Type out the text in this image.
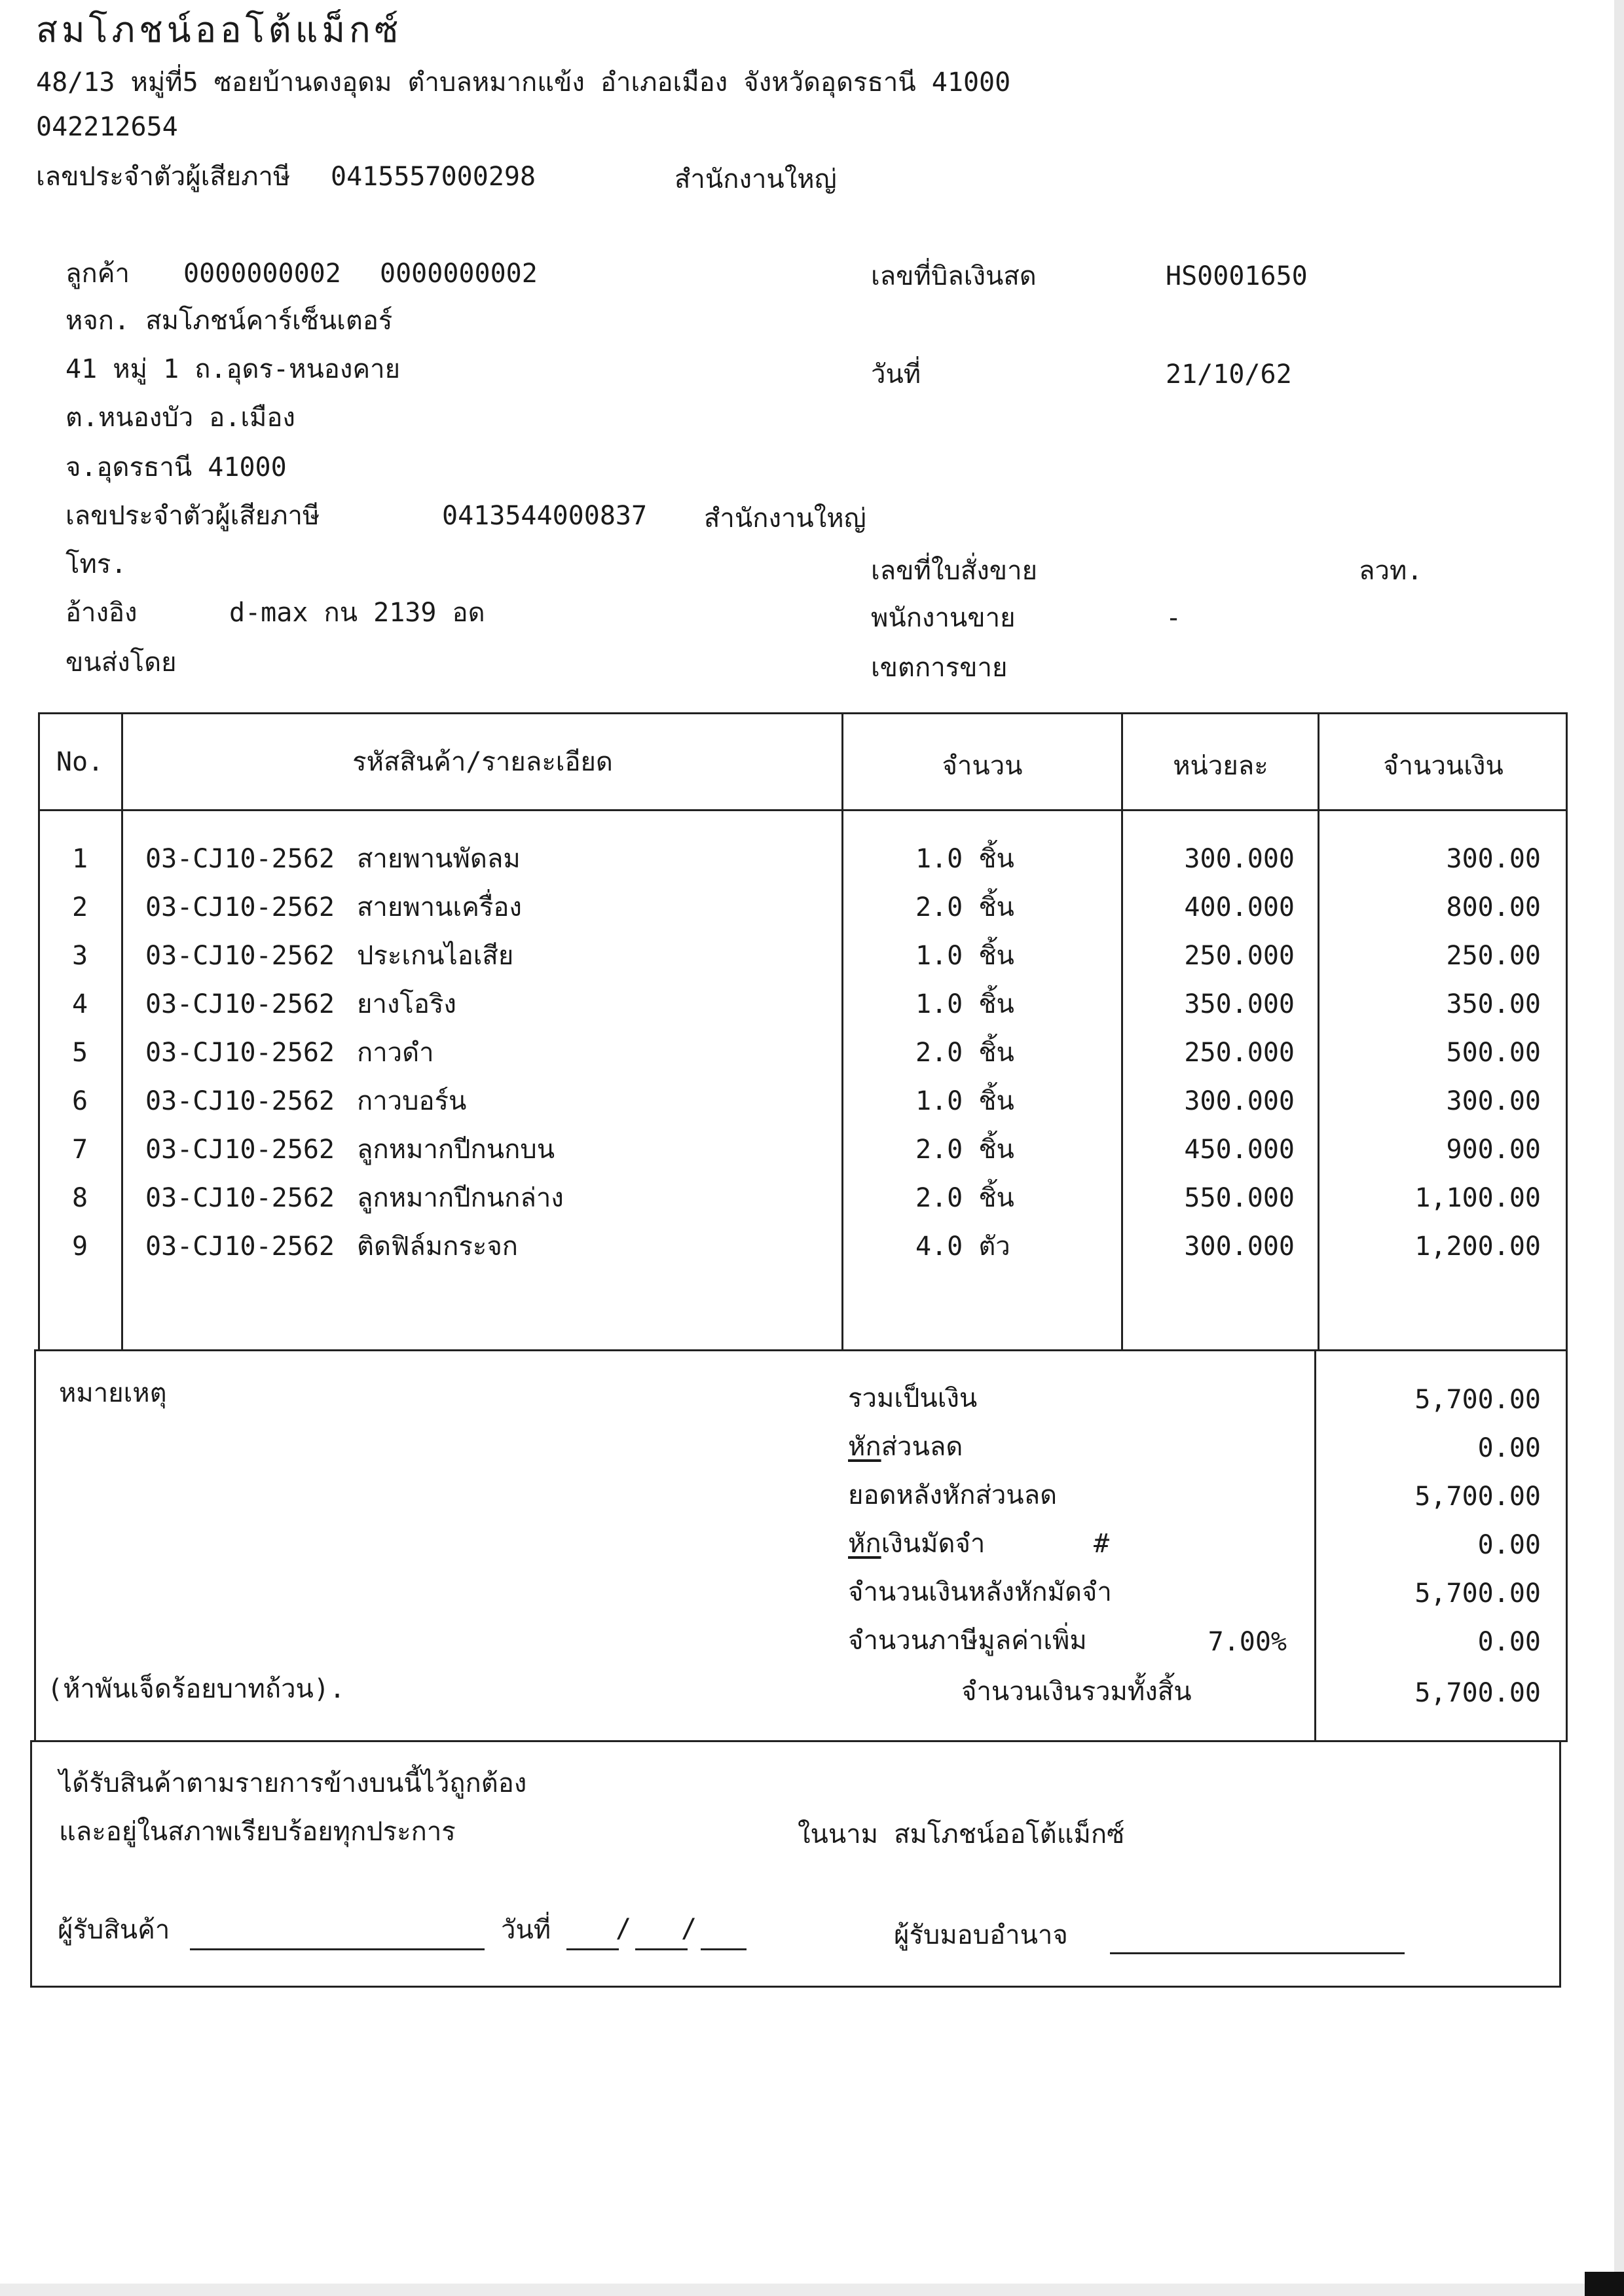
สมโภชน์ออโต้แม็กซ์
48/13 หมู่ที่5 ซอยบ้านดงอุดม ตำบลหมากแข้ง อำเภอเมือง จังหวัดอุดรธานี 41000
042212654
เลขประจำตัวผู้เสียภาษี 0415557000298	สำนักงานใหญ่
ลูกค้า 0000000002 0000000002
หจก. สมโภชน์คาร์เซ็นเตอร์
41 หมู่ 1 ถ.อุดร-หนองคาย
ต.หนองบัว อ.เมือง
จ.อุดรธานี 41000
เลขประจำตัวผู้เสียภาษี	0413544000837 สำนักงานใหญ่
โทร.
อ้างอิง	d-max กน 2139 อด
ขนส่งโดย
เลขที่บิลเงินสด	HS0001650
วันที่	21/10/62
เลขที่ใบสั่งขาย	ลวท.
พนักงานขาย	-
เขตการขาย
No.	รหัสสินค้า/รายละเอียด	จำนวน	หน่วยละ	จำนวนเงิน
1	03-CJ10-2562 สายพานพัดลม	1.0 ชิ้น	300.000	300.00
2	03-CJ10-2562 สายพานเครื่อง	2.0 ชิ้น	400.000	800.00
3	03-CJ10-2562 ประเกนไอเสีย	1.0 ชิ้น	250.000	250.00
4	03-CJ10-2562 ยางโอริง	1.0 ชิ้น	350.000	350.00
5	03-CJ10-2562 กาวดำ	2.0 ชิ้น	250.000	500.00
6	03-CJ10-2562 กาวบอร์น	1.0 ชิ้น	300.000	300.00
7	03-CJ10-2562 ลูกหมากปีกนกบน	2.0 ชิ้น	450.000	900.00
8	03-CJ10-2562 ลูกหมากปีกนกล่าง	2.0 ชิ้น	550.000	1,100.00
9	03-CJ10-2562 ติดฟิล์มกระจก	4.0 ตัว	300.000	1,200.00
หมายเหตุ	รวมเป็นเงิน	5,700.00
หักส่วนลด	0.00
ยอดหลังหักส่วนลด	5,700.00
หักเงินมัดจำ	#	0.00
จำนวนเงินหลังหักมัดจำ	5,700.00
จำนวนภาษีมูลค่าเพิ่ม	7.00%	0.00
(ห้าพันเจ็ดร้อยบาทถ้วน).	จำนวนเงินรวมทั้งสิ้น	5,700.00
ได้รับสินค้าตามรายการข้างบนนี้ไว้ถูกต้อง
และอยู่ในสภาพเรียบร้อยทุกประการ	ในนาม สมโภชน์ออโต้แม็กซ์
ผู้รับสินค้า	วันที่ / /	ผู้รับมอบอำนาจ
